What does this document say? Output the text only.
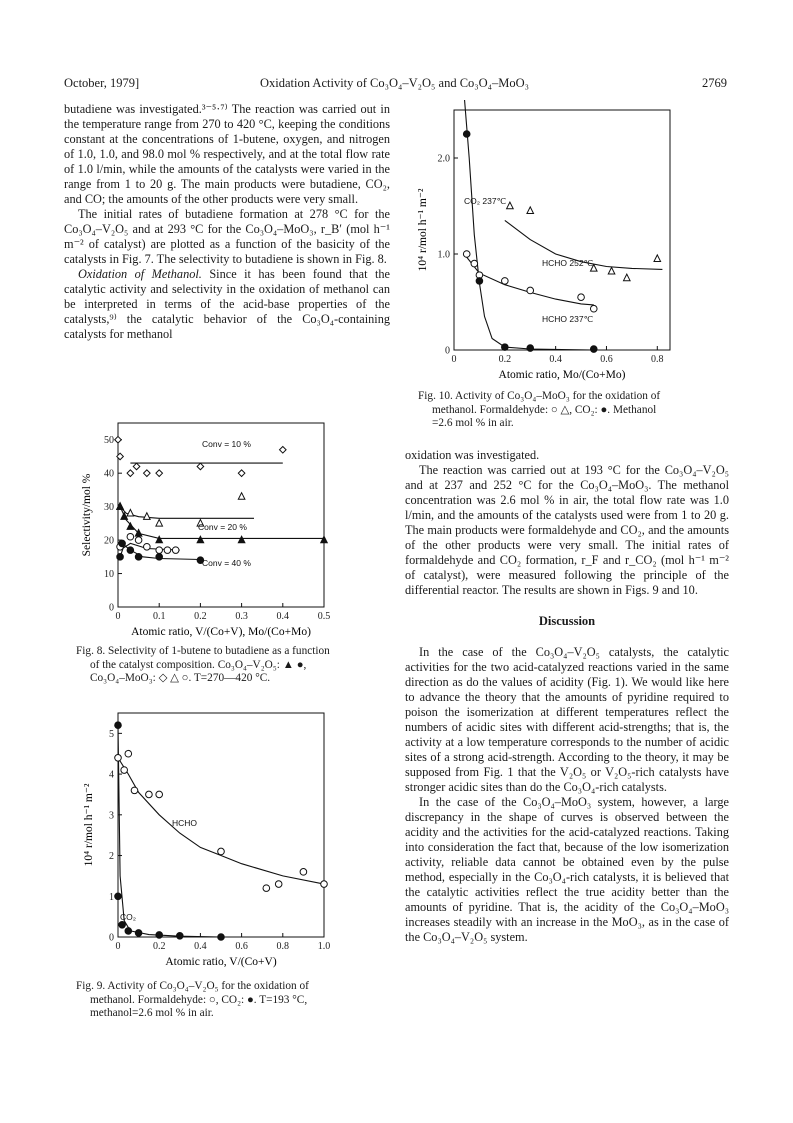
October, 1979]	Oxidation Activity of Co₃O₄–V₂O₅ and Co₃O₄–MoO₃	2769

butadiene was investigated.³⁻⁵·⁷⁾ The reaction was carried out in the temperature range from 270 to 420 °C, keeping the conditions constant at the concentrations of 1-butene, oxygen, and nitrogen of 1.0, 1.0, and 98.0 mol % respectively, and at the total flow rate of 1.0 l/min, while the amounts of the catalysts were varied in the range from 1 to 20 g. The main products were butadiene, CO₂, and CO; the amounts of the other products were very small.

The initial rates of butadiene formation at 278 °C for the Co₃O₄–V₂O₅ and at 293 °C for the Co₃O₄–MoO₃, r_B′ (mol h⁻¹ m⁻² of catalyst) are plotted as a function of the basicity of the catalysts in Fig. 7. The selectivity to butadiene is shown in Fig. 8.

Oxidation of Methanol. Since it has been found that the catalytic activity and selectivity in the oxidation of methanol can be interpreted in terms of the acid-base properties of the catalysts,⁹⁾ the catalytic behavior of the Co₃O₄-containing catalysts for methanol

0	0.1	0.2	0.3	0.4	0.5
0
10
20
30
40
50
Atomic ratio, V/(Co+V), Mo/(Co+Mo)
Selectivity/mol %
Conv = 10 %
Conv = 20 %
Conv = 40 %
Fig. 8. Selectivity of 1-butene to butadiene as a function
of the catalyst composition. Co₃O₄–V₂O₅: ▲ ●,
Co₃O₄–MoO₃: ◇ △ ○. T=270—420 °C.
0	0.2	0.4	0.6	0.8	1.0
0
1
2
3
4
5
Atomic ratio, V/(Co+V)
10⁴ r/mol h⁻¹ m⁻²	HCHO
CO₂
Fig. 9. Activity of Co₃O₄–V₂O₅ for the oxidation of
methanol. Formaldehyde: ○, CO₂: ●. T=193 °C,
methanol=2.6 mol % in air.
0	0.2	0.4	0.6	0.8
0
1.0
2.0
Atomic ratio, Mo/(Co+Mo)
10⁴ r/mol h⁻¹ m⁻²	CO₂ 237℃
HCHO 252℃
HCHO 237℃
Fig. 10. Activity of Co₃O₄–MoO₃ for the oxidation of
methanol. Formaldehyde: ○ △, CO₂: ●. Methanol
=2.6 mol % in air.

oxidation was investigated.

The reaction was carried out at 193 °C for the Co₃O₄–V₂O₅ and at 237 and 252 °C for the Co₃O₄–MoO₃. The methanol concentration was 2.6 mol % in air, the total flow rate was 1.0 l/min, and the amounts of the catalysts used were from 1 to 20 g. The main products were formaldehyde and CO₂, and the amounts of the other products were very small. The initial rates of formaldehyde and CO₂ formation, r_F and r_CO₂ (mol h⁻¹ m⁻² of catalyst), were measured following the principle of the differential reactor. The results are shown in Figs. 9 and 10.

Discussion

In the case of the Co₃O₄–V₂O₅ catalysts, the catalytic activities for the two acid-catalyzed reactions varied in the same direction as do the values of acidity (Fig. 1). We would like here to advance the theory that the amounts of pyridine required to poison the isomerization at different temperatures reflect the numbers of acidic sites with different acid-strengths; that is, the activity at a low temperature corresponds to the number of acidic sites of a strong acid-strength. According to the theory, it may be supposed from Fig. 1 that the V₂O₅ or V₂O₅-rich catalysts have stronger acidic sites than do the Co₃O₄-rich catalysts.

In the case of the Co₃O₄–MoO₃ system, however, a large discrepancy in the shape of curves is observed between the acidity and the activities for the acid-catalyzed reactions. Taking into consideration the fact that, because of the low isomerization activity, reliable data cannot be obtained even by the pulse method, especially in the Co₃O₄-rich catalysts, it is believed that the catalytic activities reflect the true acidity better than the amounts of pyridine. That is, the acidity of the Co₃O₄–MoO₃ increases steadily with an increase in the MoO₃, as in the case of the Co₃O₄–V₂O₅ system.
